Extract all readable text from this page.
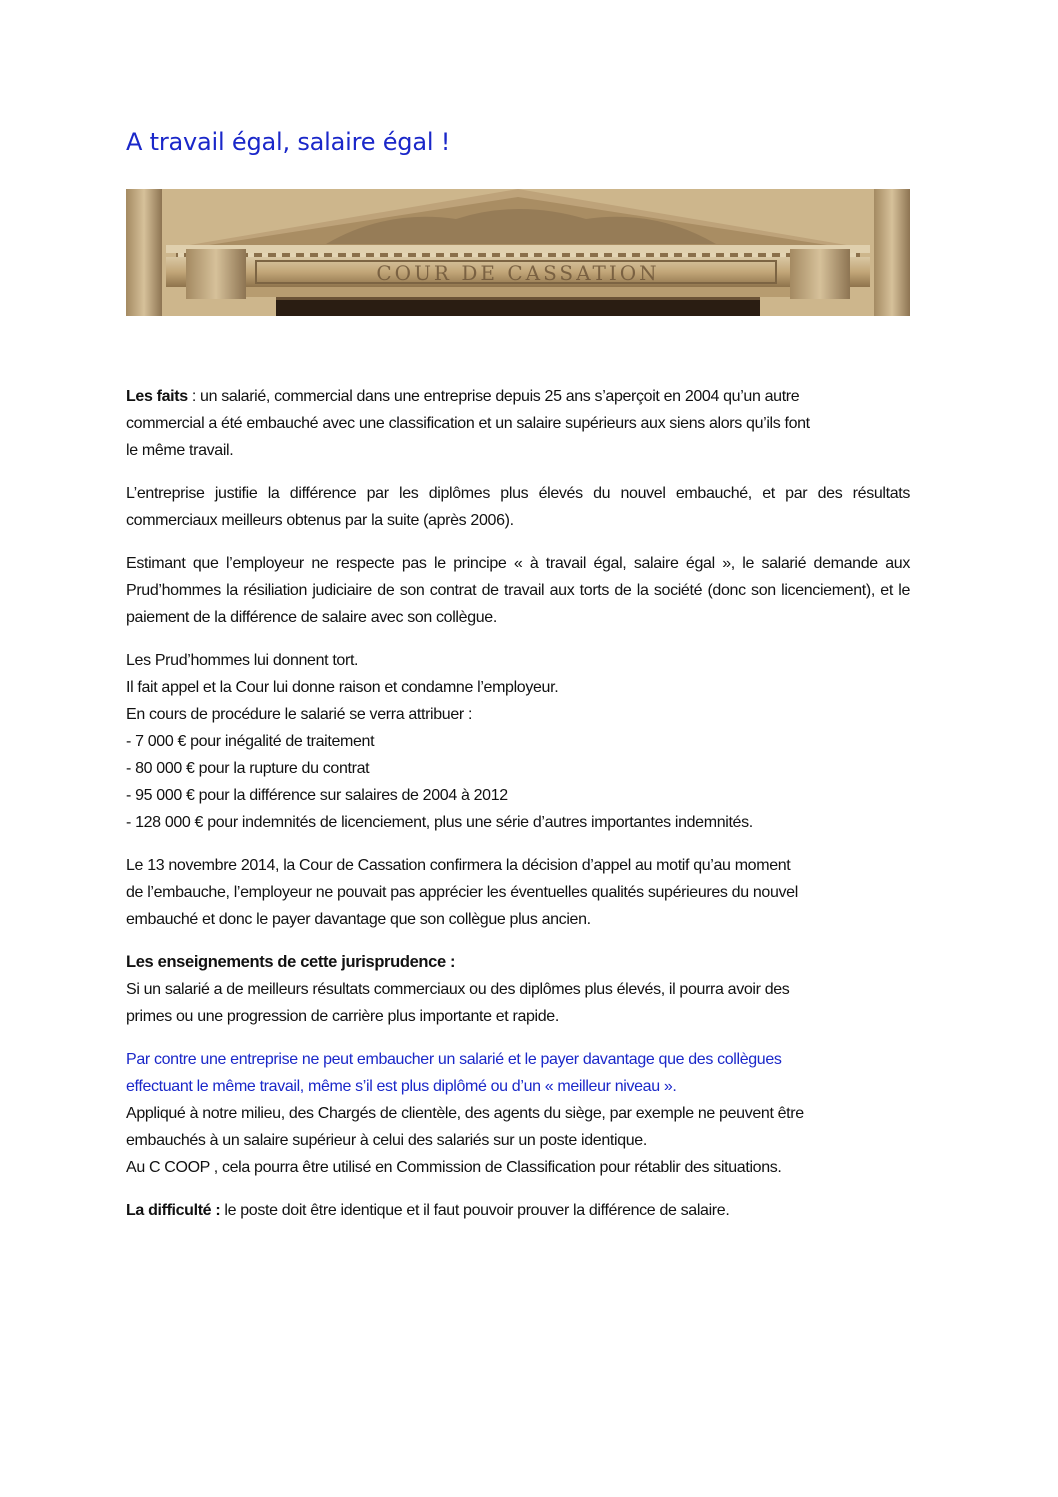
A travail égal, salaire égal !
COUR DE CASSATION

Les faits : un salarié, commercial dans une entreprise depuis 25 ans s’aperçoit en 2004 qu’un autre
commercial a été embauché avec une classification et un salaire supérieurs aux siens alors qu’ils font
le même travail.

L’entreprise justifie la différence par les diplômes plus élevés du nouvel embauché, et par des résultats commerciaux meilleurs obtenus par la suite (après 2006).

Estimant que l’employeur ne respecte pas le principe « à travail égal, salaire égal », le salarié demande aux Prud’hommes la résiliation judiciaire de son contrat de travail aux torts de la société (donc son licenciement), et le paiement de la différence de salaire avec son collègue.

Les Prud’hommes lui donnent tort.
Il fait appel et la Cour lui donne raison et condamne l’employeur.
En cours de procédure le salarié se verra attribuer :
- 7 000 € pour inégalité de traitement
- 80 000 € pour la rupture du contrat
- 95 000 € pour la différence sur salaires de 2004 à 2012
- 128 000 € pour indemnités de licenciement, plus une série d’autres importantes indemnités.

Le 13 novembre 2014, la Cour de Cassation confirmera la décision d’appel au motif qu’au moment
de l’embauche, l’employeur ne pouvait pas apprécier les éventuelles qualités supérieures du nouvel
embauché et donc le payer davantage que son collègue plus ancien.

Les enseignements de cette jurisprudence :
Si un salarié a de meilleurs résultats commerciaux ou des diplômes plus élevés, il pourra avoir des
primes ou une progression de carrière plus importante et rapide.

Par contre une entreprise ne peut embaucher un salarié et le payer davantage que des collègues
effectuant le même travail, même s’il est plus diplômé ou d’un « meilleur niveau ».
Appliqué à notre milieu, des Chargés de clientèle, des agents du siège, par exemple ne peuvent être
embauchés à un salaire supérieur à celui des salariés sur un poste identique.
Au C COOP , cela pourra être utilisé en Commission de Classification pour rétablir des situations.

La difficulté : le poste doit être identique et il faut pouvoir prouver la différence de salaire.
